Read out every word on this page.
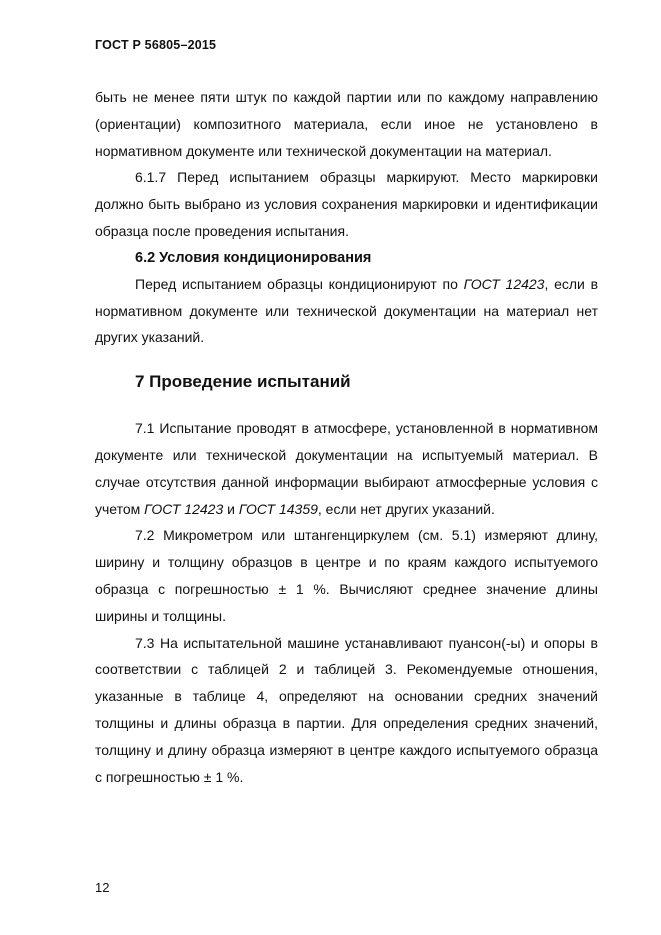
ГОСТ Р 56805–2015

быть не менее пяти штук по каждой партии или по каждому направлению (ориентации) композитного материала, если иное не установлено в нормативном документе или технической документации на материал.

6.1.7 Перед испытанием образцы маркируют. Место маркировки должно быть выбрано из условия сохранения маркировки и идентификации образца после проведения испытания.

6.2 Условия кондиционирования

Перед испытанием образцы кондиционируют по ГОСТ 12423, если в нормативном документе или технической документации на материал нет других указаний.

7 Проведение испытаний

7.1 Испытание проводят в атмосфере, установленной в нормативном документе или технической документации на испытуемый материал. В случае отсутствия данной информации выбирают атмосферные условия с учетом ГОСТ 12423 и ГОСТ 14359, если нет других указаний.

7.2 Микрометром или штангенциркулем (см. 5.1) измеряют длину, ширину и толщину образцов в центре и по краям каждого испытуемого образца с погрешностью ± 1 %. Вычисляют среднее значение длины ширины и толщины.

7.3 На испытательной машине устанавливают пуансон(-ы) и опоры в соответствии с таблицей 2 и таблицей 3. Рекомендуемые отношения, указанные в таблице 4, определяют на основании средних значений толщины и длины образца в партии. Для определения средних значений, толщину и длину образца измеряют в центре каждого испытуемого образца с погрешностью ± 1 %.

12
